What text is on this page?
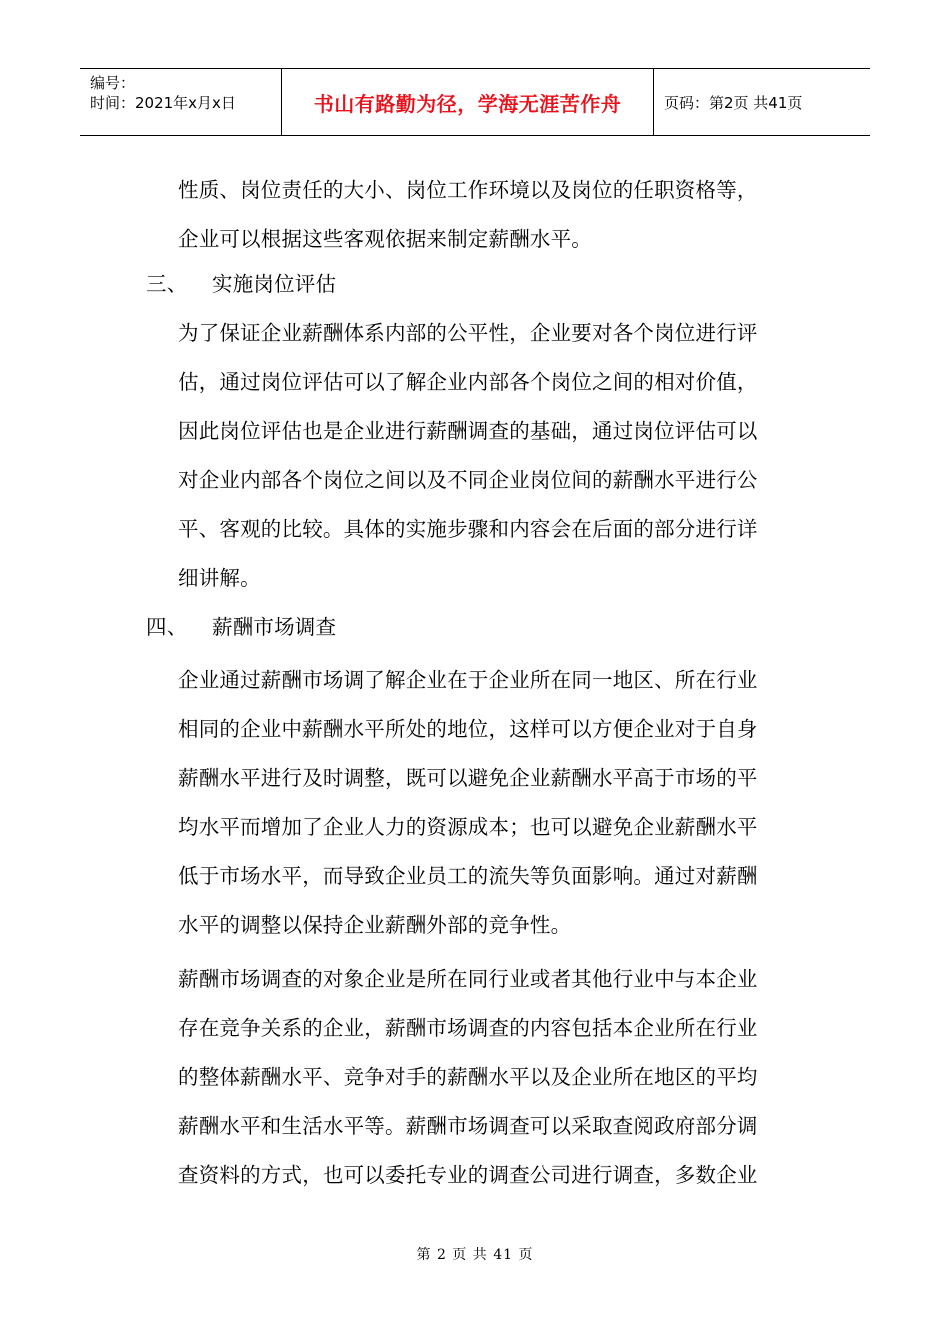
编号：
时间：2021年x月x日	书山有路勤为径，学海无涯苦作舟	页码：第2页 共41页
性质、岗位责任的大小、岗位工作环境以及岗位的任职资格等，
企业可以根据这些客观依据来制定薪酬水平。
三、	实施岗位评估
为了保证企业薪酬体系内部的公平性，企业要对各个岗位进行评
估，通过岗位评估可以了解企业内部各个岗位之间的相对价值，
因此岗位评估也是企业进行薪酬调查的基础，通过岗位评估可以
对企业内部各个岗位之间以及不同企业岗位间的薪酬水平进行公
平、客观的比较。具体的实施步骤和内容会在后面的部分进行详
细讲解。
四、	薪酬市场调查
企业通过薪酬市场调了解企业在于企业所在同一地区、所在行业
相同的企业中薪酬水平所处的地位，这样可以方便企业对于自身
薪酬水平进行及时调整，既可以避免企业薪酬水平高于市场的平
均水平而增加了企业人力的资源成本；也可以避免企业薪酬水平
低于市场水平，而导致企业员工的流失等负面影响。通过对薪酬
水平的调整以保持企业薪酬外部的竞争性。
薪酬市场调查的对象企业是所在同行业或者其他行业中与本企业
存在竞争关系的企业，薪酬市场调查的内容包括本企业所在行业
的整体薪酬水平、竞争对手的薪酬水平以及企业所在地区的平均
薪酬水平和生活水平等。薪酬市场调查可以采取查阅政府部分调
查资料的方式，也可以委托专业的调查公司进行调查，多数企业
第 2 页 共 41 页
